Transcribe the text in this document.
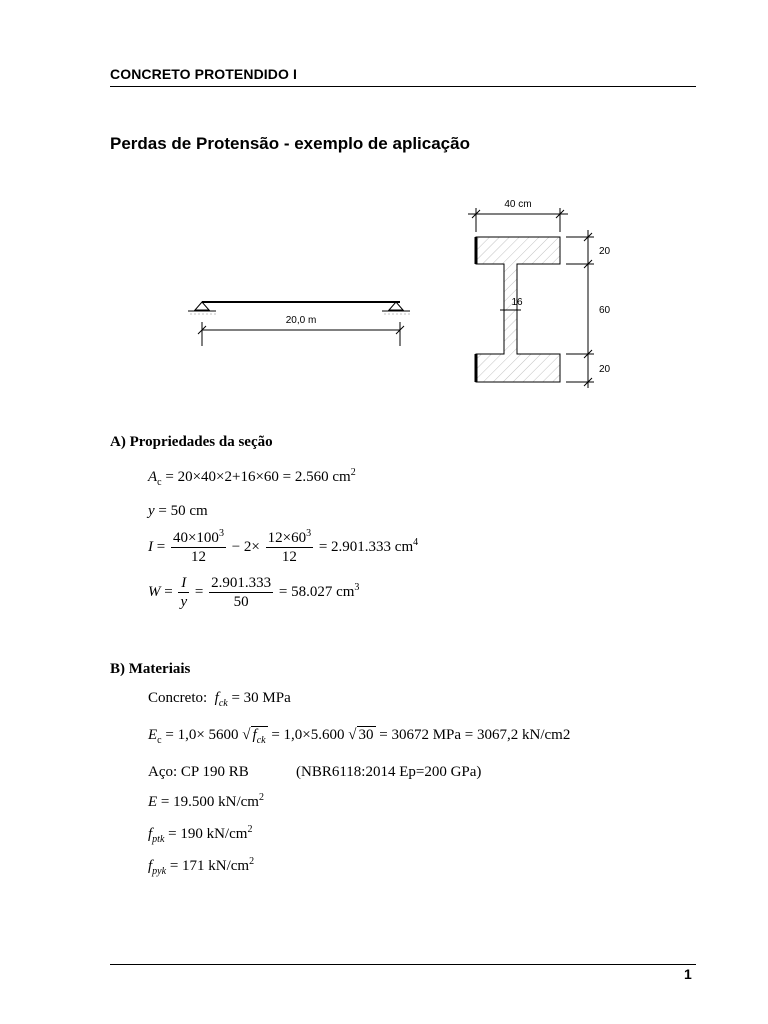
CONCRETO PROTENDIDO I
Perdas de Protensão - exemplo de aplicação
20,0 m
40 cm
16
20
60
20
A) Propriedades da seção
$A_c = 20\times 40\times 2+16\times 60 = 2.560$ $cm^2$
y = 50 cm
$I = \frac{40\times 100^3}{12} - 2\times \frac{12\times 60^3}{12} = 2.901.333$ $cm^4$
$W = \frac{I}{y} = \frac{2.901.333}{50} = 58.027$ $cm^3$
B) Materiais
Concreto: $f_{ck} = 30$ MPa
$E_c = 1,0\times 5600$ √ $f_{ck} = 1,0\times 5.600$ √ 30 = 30672 MPa = 3067,2 kN/cm2
Aço: CP 190 RB	(NBR6118:2014 Ep=200 GPa)
E = 19.500 $kN/cm^2$
$f_{ptk} = 190$ $kN/cm^2$
$f_{pyk} = 171$ $kN/cm^2$
1
